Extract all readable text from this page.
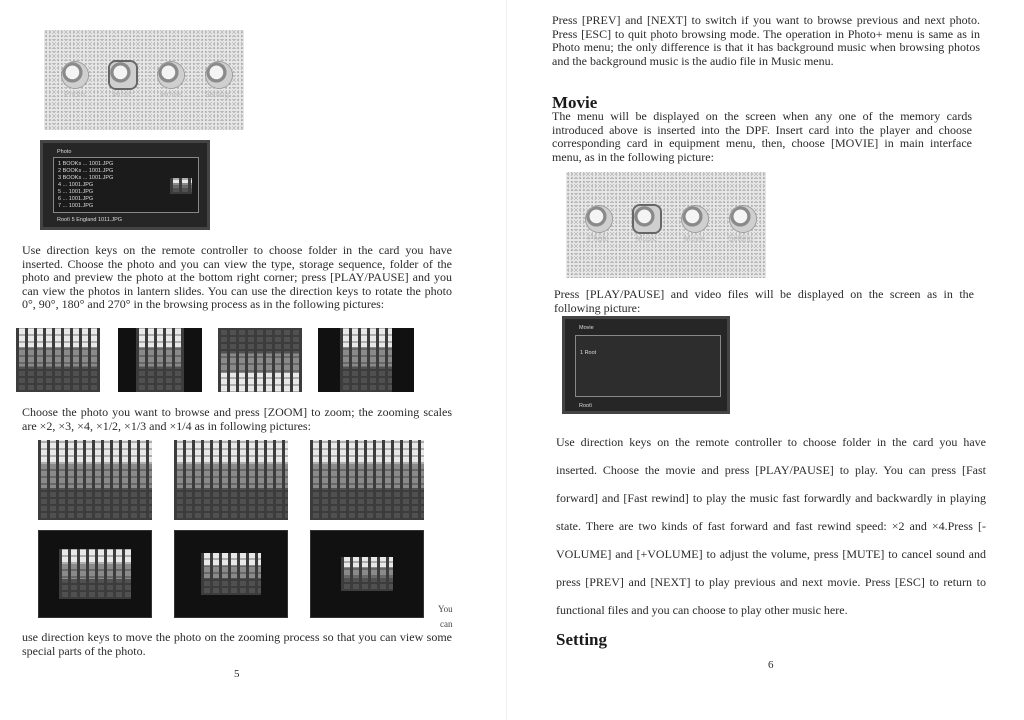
Photo	Music	Movie	Setting
Photo
1 BOOKs ... 1001.JPG
2 BOOKs ... 1001.JPG
3 BOOKs ... 1001.JPG
4 ... 1001.JPG
5 ... 1001.JPG
6 ... 1001.JPG
7 ... 1001.JPG
Root\ 5 England 1011.JPG

Use direction keys on the remote controller to choose folder in the card you have inserted. Choose the photo and you can view the type, storage sequence, folder of the photo and preview the photo at the bottom right corner; press [PLAY/PAUSE] and you can view the photos in lantern slides. You can use the direction keys to rotate the photo 0°, 90°, 180° and 270° in the browsing process as in the following pictures:

Choose the photo you want to browse and press [ZOOM] to zoom; the zooming scales are ×2, ×3, ×4, ×1/2, ×1/3 and ×1/4 as in following pictures:

You
can

use direction keys to move the photo on the zooming process so that you can view some special parts of the photo.

5

Press [PREV] and [NEXT] to switch if you want to browse previous and next photo. Press [ESC] to quit photo browsing mode. The operation in Photo+ menu is same as in Photo menu; the only difference is that it has background music when browsing photos and the background music is the audio file in Music menu.

Movie

The menu will be displayed on the screen when any one of the memory cards introduced above is inserted into the DPF. Insert card into the player and choose corresponding card in equipment menu, then, choose [MOVIE] in main interface menu, as in the following picture:

Photo	Music	Movie	Setting

Press [PLAY/PAUSE] and video files will be displayed on the screen as in the following picture:

Movie
1 Root
Root\

Use direction keys on the remote controller to choose folder in the card you have inserted. Choose the movie and press [PLAY/PAUSE] to play. You can press [Fast forward] and [Fast rewind] to play the music fast forwardly and backwardly in playing state. There are two kinds of fast forward and fast rewind speed: ×2 and ×4.Press [-VOLUME] and [+VOLUME] to adjust the volume, press [MUTE] to cancel sound and press [PREV] and [NEXT] to play previous and next movie. Press [ESC] to return to functional files and you can choose to play other music here.

Setting
6
